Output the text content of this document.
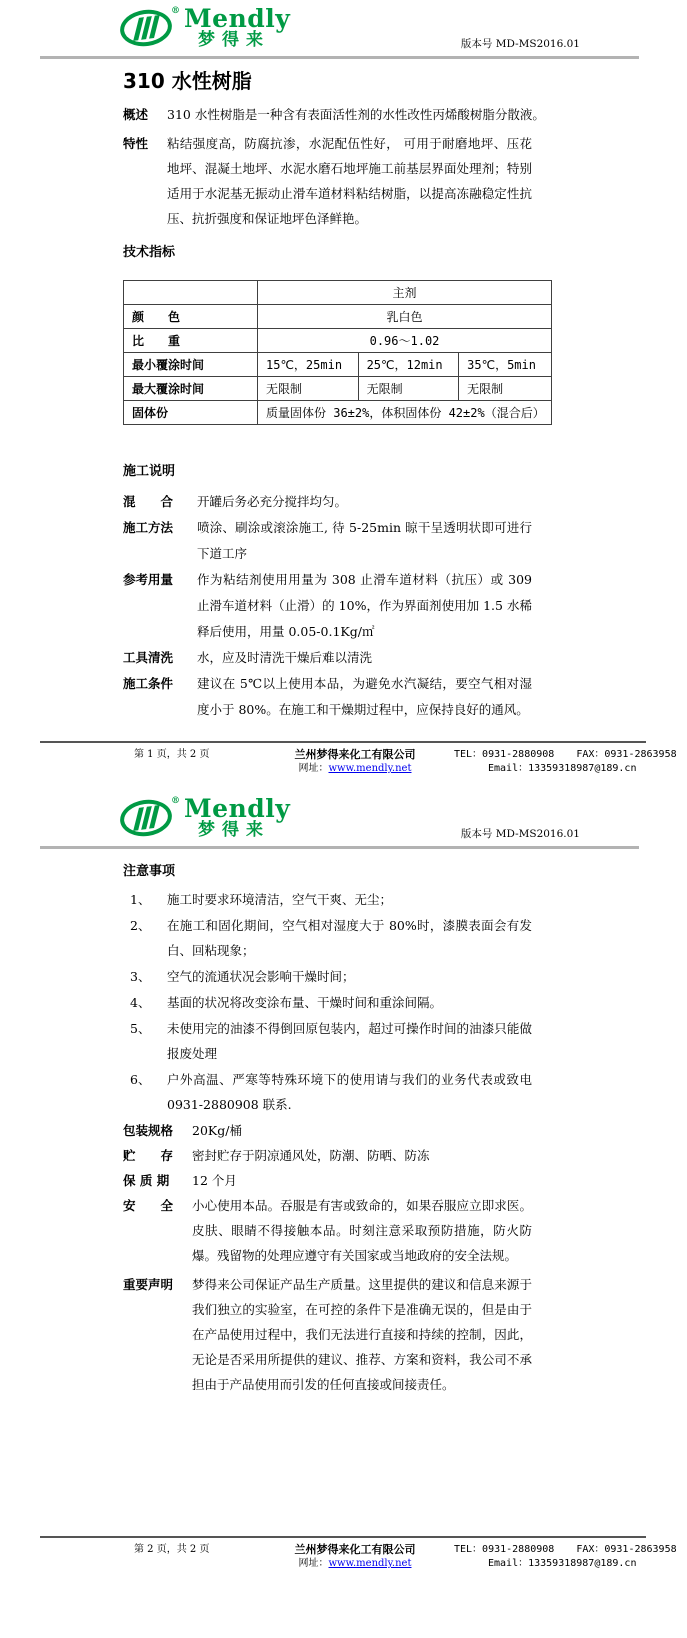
® Mendly
梦得来	版本号 MD-MS2016.01
310 水性树脂
概述	310 水性树脂是一种含有表面活性剂的水性改性丙烯酸树脂分散液。
特性	粘结强度高，防腐抗渗，水泥配伍性好， 可用于耐磨地坪、压花地坪、混凝土地坪、水泥水磨石地坪施工前基层界面处理剂；特别适用于水泥基无振动止滑车道材料粘结树脂，以提高冻融稳定性抗压、抗折强度和保证地坪色泽鲜艳。
技术指标
	主剂		
颜　　色	乳白色		
比　　重	0.96～1.02		
最小覆涂时间	15℃，25min	25℃，12min	35℃，5min
最大覆涂时间	无限制	无限制	无限制
固体份	质量固体份 36±2%，体积固体份 42±2%（混合后）		
施工说明
混　　合	开罐后务必充分搅拌均匀。
施工方法	喷涂、刷涂或滚涂施工, 待 5-25min 晾干呈透明状即可进行下道工序
参考用量	作为粘结剂使用用量为 308 止滑车道材料（抗压）或 309 止滑车道材料（止滑）的 10%，作为界面剂使用加 1.5 水稀释后使用，用量 0.05-0.1Kg/㎡
工具清洗	水，应及时清洗干燥后难以清洗
施工条件	建议在 5℃以上使用本品，为避免水汽凝结，要空气相对湿度小于 80%。在施工和干燥期过程中，应保持良好的通风。
第 1 页，共 2 页	兰州梦得来化工有限公司
网址：www.mendly.net
TEL：0931-2880908 FAX：0931-2863958
Email：13359318987@189.cn
® Mendly
梦得来	版本号 MD-MS2016.01
注意事项
1、	施工时要求环境清洁，空气干爽、无尘；
2、	在施工和固化期间，空气相对湿度大于 80%时，漆膜表面会有发白、回粘现象；
3、	空气的流通状况会影响干燥时间；
4、	基面的状况将改变涂布量、干燥时间和重涂间隔。
5、	未使用完的油漆不得倒回原包装内，超过可操作时间的油漆只能做报废处理
6、	户外高温、严寒等特殊环境下的使用请与我们的业务代表或致电 0931-2880908 联系.
包装规格	20Kg/桶
贮　　存	密封贮存于阴凉通风处，防潮、防晒、防冻
保 质 期	12 个月
安　　全	小心使用本品。吞服是有害或致命的，如果吞服应立即求医。皮肤、眼睛不得接触本品。时刻注意采取预防措施，防火防爆。残留物的处理应遵守有关国家或当地政府的安全法规。
重要声明	梦得来公司保证产品生产质量。这里提供的建议和信息来源于我们独立的实验室，在可控的条件下是准确无误的，但是由于在产品使用过程中，我们无法进行直接和持续的控制，因此，无论是否采用所提供的建议、推荐、方案和资料，我公司不承担由于产品使用而引发的任何直接或间接责任。
第 2 页，共 2 页	兰州梦得来化工有限公司
网址：www.mendly.net
TEL：0931-2880908 FAX：0931-2863958
Email：13359318987@189.cn
